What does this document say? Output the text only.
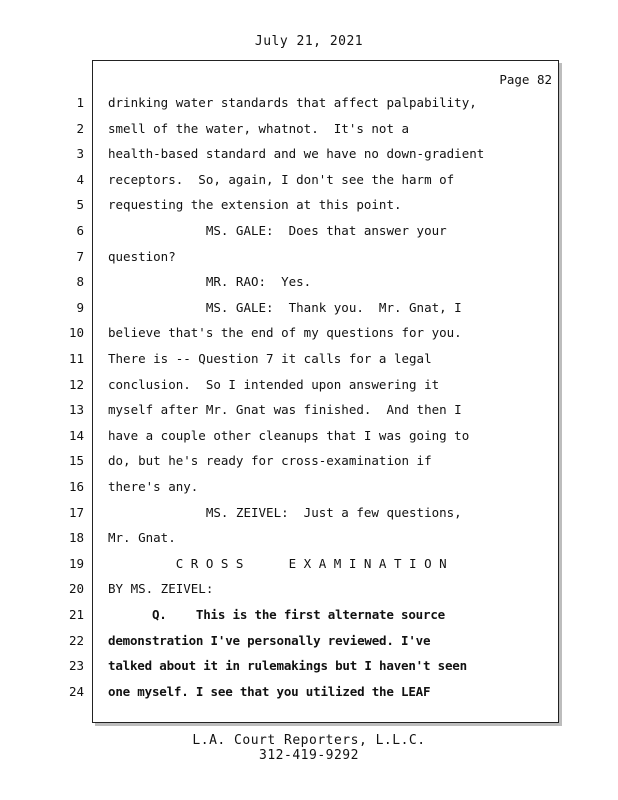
July 21, 2021
Page 82
1 drinking water standards that affect palpability,
2 smell of the water, whatnot.  It's not a
3 health-based standard and we have no down-gradient
4 receptors.  So, again, I don't see the harm of
5 requesting the extension at this point.
6 MS. GALE:  Does that answer your
7 question?
8 MR. RAO:  Yes.
9 MS. GALE:  Thank you.  Mr. Gnat, I
10 believe that's the end of my questions for you.
11 There is -- Question 7 it calls for a legal
12 conclusion.  So I intended upon answering it
13 myself after Mr. Gnat was finished.  And then I
14 have a couple other cleanups that I was going to
15 do, but he's ready for cross-examination if
16 there's any.
17 MS. ZEIVEL:  Just a few questions,
18 Mr. Gnat.
19 C R O S S      E X A M I N A T I O N
20 BY MS. ZEIVEL:
21 Q.    This is the first alternate source
22 demonstration I've personally reviewed. I've
23 talked about it in rulemakings but I haven't seen
24 one myself. I see that you utilized the LEAF
L.A. Court Reporters, L.L.C.
312-419-9292
